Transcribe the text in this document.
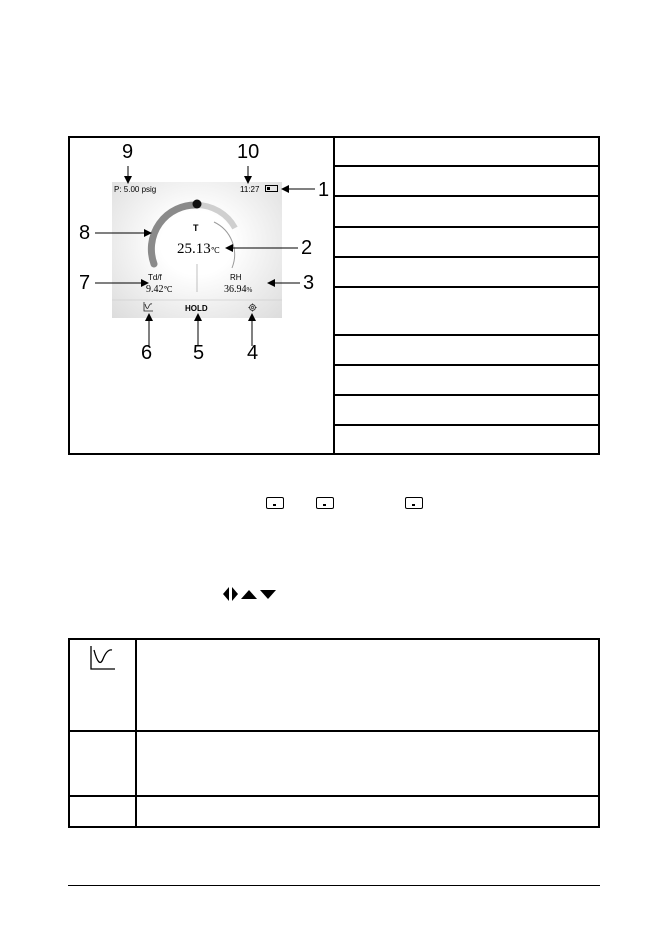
P: 5.00 psig	11:27
T
25.13℃
Td/f
9.42℃
RH
36.94%
HOLD
9	10
1
8
2
7	3
6 5 4
